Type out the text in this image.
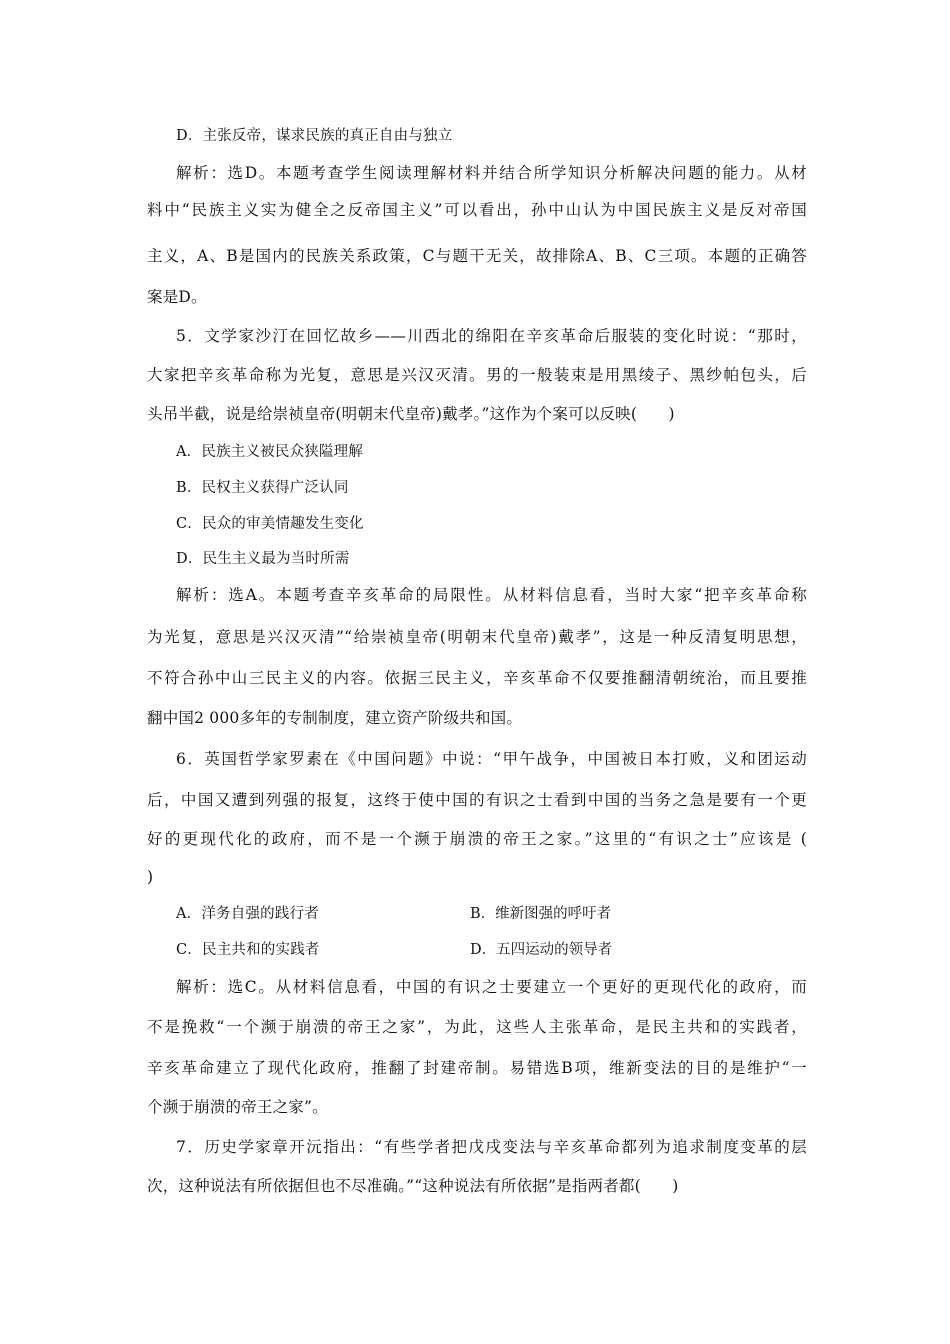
D．主张反帝，谋求民族的真正自由与独立
解析：选D。本题考查学生阅读理解材料并结合所学知识分析解决问题的能力。从材
料中“民族主义实为健全之反帝国主义”可以看出，孙中山认为中国民族主义是反对帝国
主义，A、B是国内的民族关系政策，C与题干无关，故排除A、B、C三项。本题的正确答
案是D。
5．文学家沙汀在回忆故乡——川西北的绵阳在辛亥革命后服装的变化时说：“那时，
大家把辛亥革命称为光复，意思是兴汉灭清。男的一般装束是用黑绫子、黑纱帕包头，后
头吊半截，说是给崇祯皇帝(明朝末代皇帝)戴孝。”这作为个案可以反映(　　)
A．民族主义被民众狭隘理解
B．民权主义获得广泛认同
C．民众的审美情趣发生变化
D．民生主义最为当时所需
解析：选A。本题考查辛亥革命的局限性。从材料信息看，当时大家“把辛亥革命称
为光复，意思是兴汉灭清”“给崇祯皇帝(明朝末代皇帝)戴孝”，这是一种反清复明思想，
不符合孙中山三民主义的内容。依据三民主义，辛亥革命不仅要推翻清朝统治，而且要推
翻中国2 000多年的专制制度，建立资产阶级共和国。
6．英国哲学家罗素在《中国问题》中说：“甲午战争，中国被日本打败，义和团运动
后，中国又遭到列强的报复，这终于使中国的有识之士看到中国的当务之急是要有一个更
好的更现代化的政府，而不是一个濒于崩溃的帝王之家。”这里的“有识之士”应该是 (
)
A．洋务自强的践行者	B．维新图强的呼吁者
C．民主共和的实践者	D．五四运动的领导者
解析：选C。从材料信息看，中国的有识之士要建立一个更好的更现代化的政府，而
不是挽救“一个濒于崩溃的帝王之家”，为此，这些人主张革命，是民主共和的实践者，
辛亥革命建立了现代化政府，推翻了封建帝制。易错选B项，维新变法的目的是维护“一
个濒于崩溃的帝王之家”。
7．历史学家章开沅指出：“有些学者把戊戌变法与辛亥革命都列为追求制度变革的层
次，这种说法有所依据但也不尽准确。”“这种说法有所依据”是指两者都(　　)
